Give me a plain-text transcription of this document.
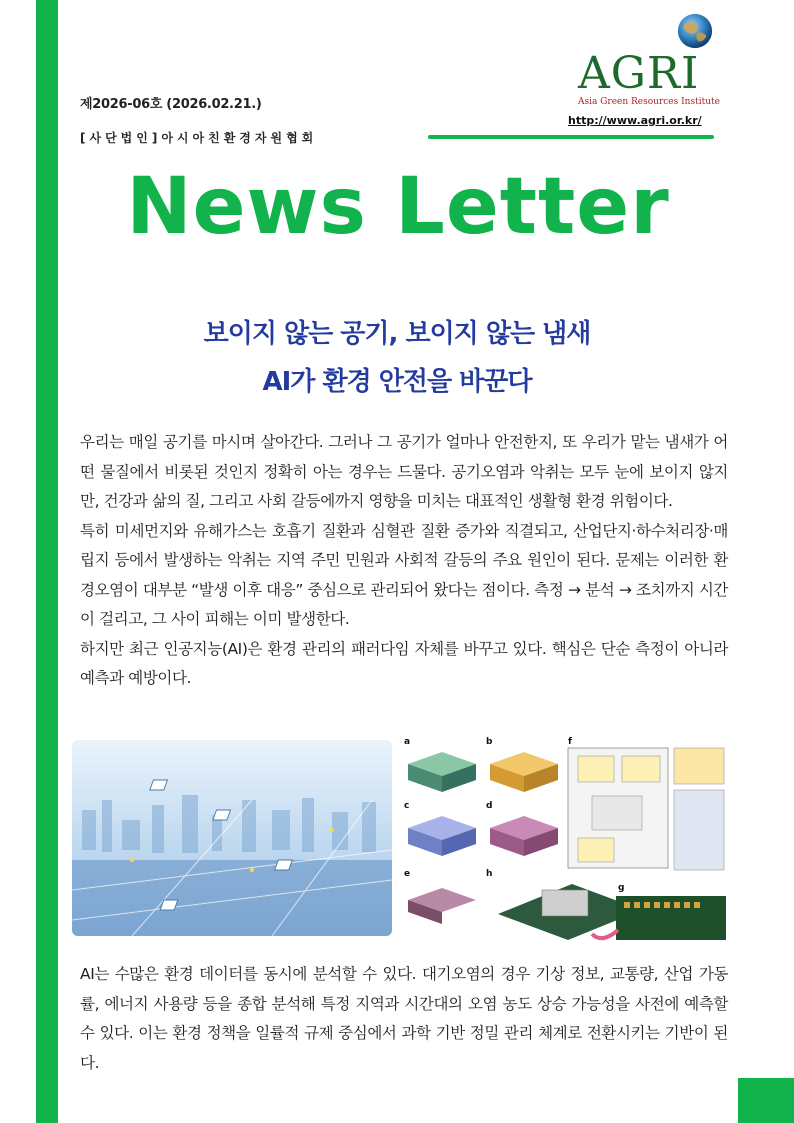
제2026-06호 (2026.02.21.)
[사단법인]아시아친환경자원협회
AGRI
Asia Green Resources Institute
http://www.agri.or.kr/
News Letter
보이지 않는 공기, 보이지 않는 냄새
AI가 환경 안전을 바꾼다

우리는 매일 공기를 마시며 살아간다. 그러나 그 공기가 얼마나 안전한지, 또 우리가 맡는 냄새가 어떤 물질에서 비롯된 것인지 정확히 아는 경우는 드물다. 공기오염과 악취는 모두 눈에 보이지 않지만, 건강과 삶의 질, 그리고 사회 갈등에까지 영향을 미치는 대표적인 생활형 환경 위험이다.

특히 미세먼지와 유해가스는 호흡기 질환과 심혈관 질환 증가와 직결되고, 산업단지·하수처리장·매립지 등에서 발생하는 악취는 지역 주민 민원과 사회적 갈등의 주요 원인이 된다. 문제는 이러한 환경오염이 대부분 “발생 이후 대응” 중심으로 관리되어 왔다는 점이다. 측정 → 분석 → 조치까지 시간이 걸리고, 그 사이 피해는 이미 발생한다.

하지만 최근 인공지능(AI)은 환경 관리의 패러다임 자체를 바꾸고 있다. 핵심은 단순 측정이 아니라 예측과 예방이다.

a	b
c	d
e	h
f
g

AI는 수많은 환경 데이터를 동시에 분석할 수 있다. 대기오염의 경우 기상 정보, 교통량, 산업 가동률, 에너지 사용량 등을 종합 분석해 특정 지역과 시간대의 오염 농도 상승 가능성을 사전에 예측할 수 있다. 이는 환경 정책을 일률적 규제 중심에서 과학 기반 정밀 관리 체계로 전환시키는 기반이 된다.
